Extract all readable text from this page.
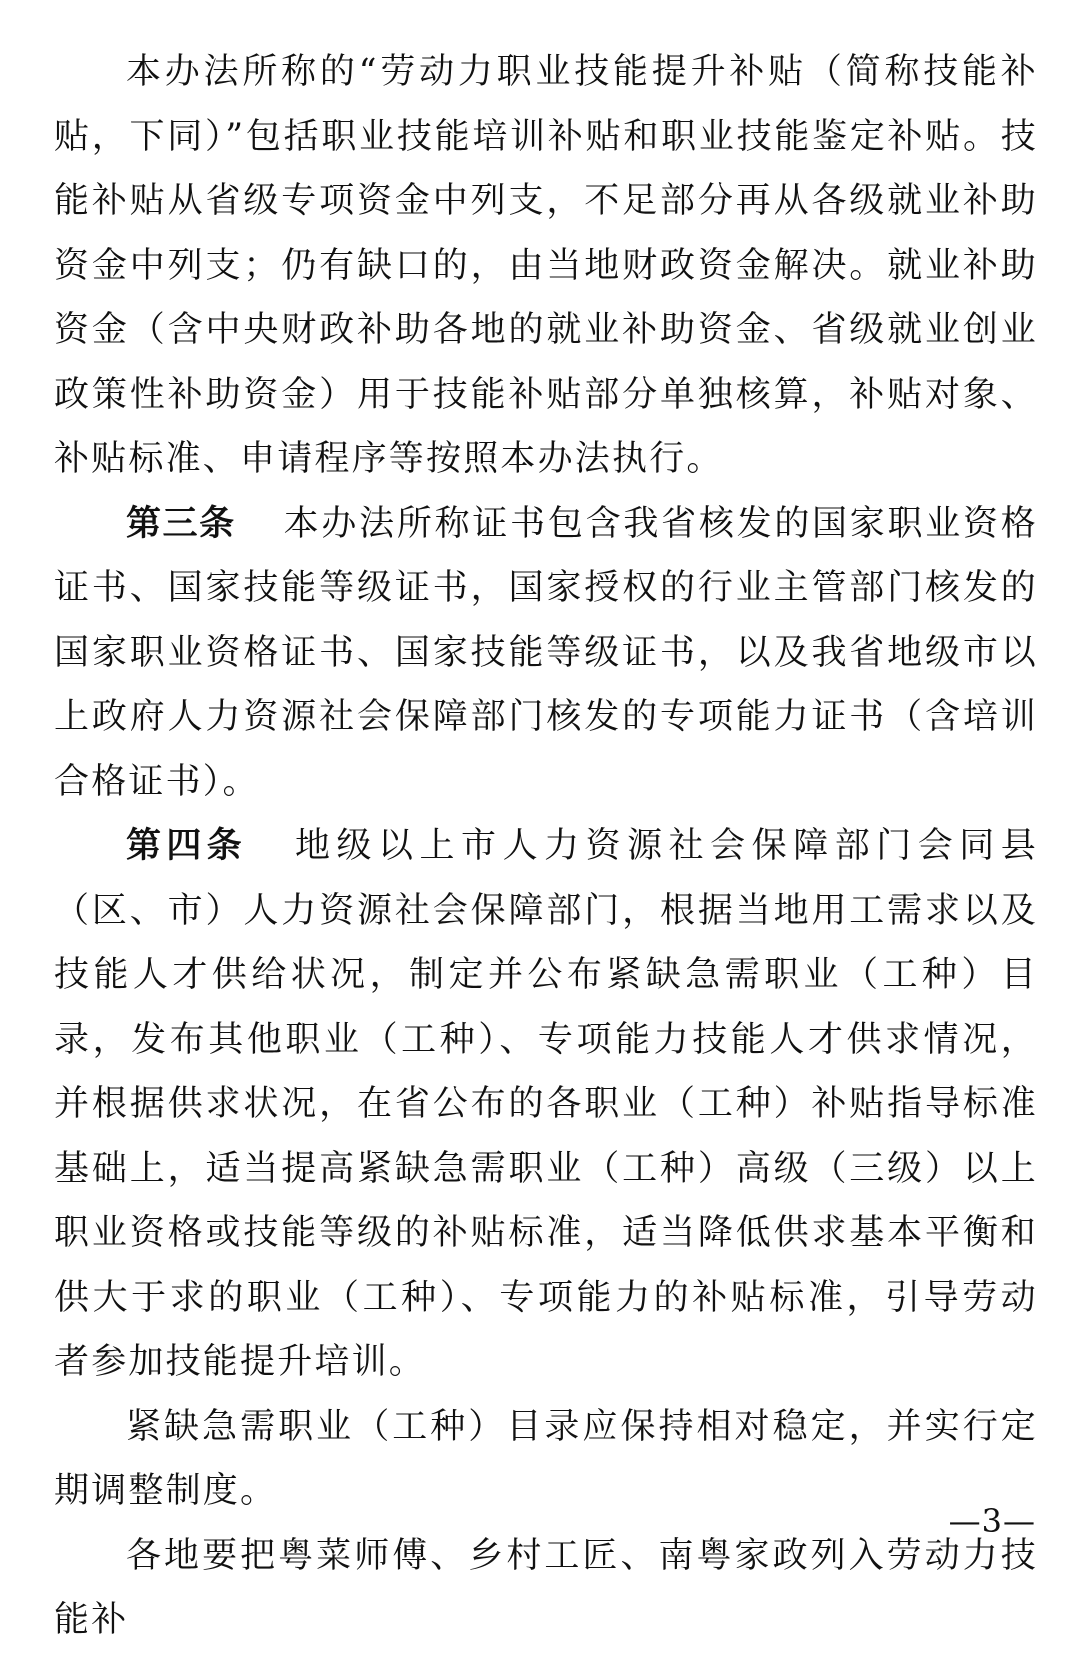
本办法所称的“劳动力职业技能提升补贴（简称技能补贴，下同）”包括职业技能培训补贴和职业技能鉴定补贴。技能补贴从省级专项资金中列支，不足部分再从各级就业补助资金中列支；仍有缺口的，由当地财政资金解决。就业补助资金（含中央财政补助各地的就业补助资金、省级就业创业政策性补助资金）用于技能补贴部分单独核算，补贴对象、补贴标准、申请程序等按照本办法执行。

第三条 本办法所称证书包含我省核发的国家职业资格证书、国家技能等级证书，国家授权的行业主管部门核发的国家职业资格证书、国家技能等级证书，以及我省地级市以上政府人力资源社会保障部门核发的专项能力证书（含培训合格证书）。

第四条 地级以上市人力资源社会保障部门会同县（区、市）人力资源社会保障部门，根据当地用工需求以及技能人才供给状况，制定并公布紧缺急需职业（工种）目录，发布其他职业（工种）、专项能力技能人才供求情况，并根据供求状况，在省公布的各职业（工种）补贴指导标准基础上，适当提高紧缺急需职业（工种）高级（三级）以上职业资格或技能等级的补贴标准，适当降低供求基本平衡和供大于求的职业（工种）、专项能力的补贴标准，引导劳动者参加技能提升培训。

紧缺急需职业（工种）目录应保持相对稳定，并实行定期调整制度。

各地要把粤菜师傅、乡村工匠、南粤家政列入劳动力技能补

—3—
